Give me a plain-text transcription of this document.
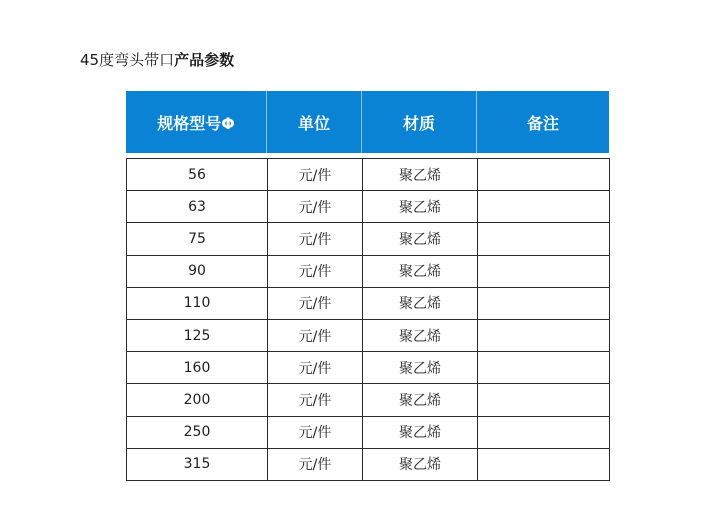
45度弯头带口产品参数
规格型号Φ	单位	材质	备注
56	元/件	聚乙烯	
63	元/件	聚乙烯	
75	元/件	聚乙烯	
90	元/件	聚乙烯	
110	元/件	聚乙烯	
125	元/件	聚乙烯	
160	元/件	聚乙烯	
200	元/件	聚乙烯	
250	元/件	聚乙烯	
315	元/件	聚乙烯	
